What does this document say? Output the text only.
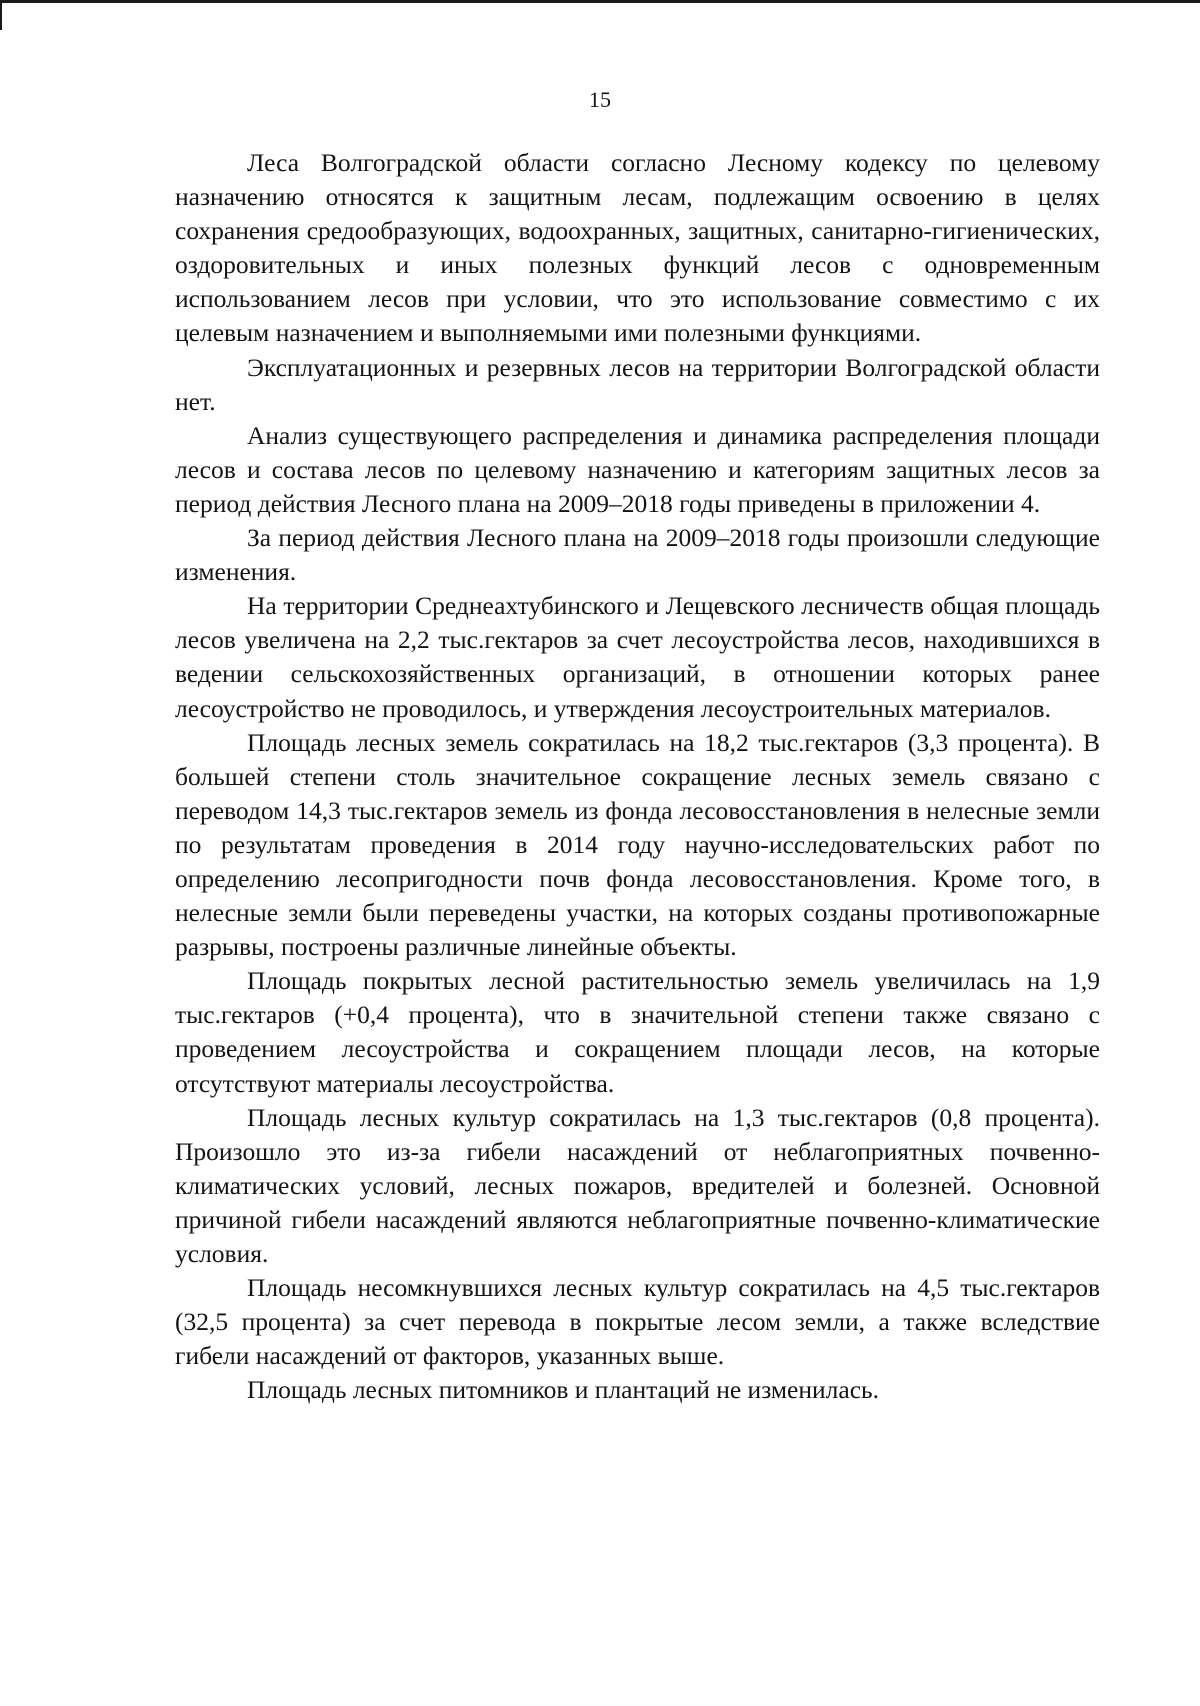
15

Леса Волгоградской области согласно Лесному кодексу по целевому назначению относятся к защитным лесам, подлежащим освоению в целях сохранения средообразующих, водоохранных, защитных, санитарно-гигиенических, оздоровительных и иных полезных функций лесов с одновременным использованием лесов при условии, что это использование совместимо с их целевым назначением и выполняемыми ими полезными функциями.

Эксплуатационных и резервных лесов на территории Волгоградской области нет.

Анализ существующего распределения и динамика распределения площади лесов и состава лесов по целевому назначению и категориям защитных лесов за период действия Лесного плана на 2009–2018 годы приведены в приложении 4.

За период действия Лесного плана на 2009–2018 годы произошли следующие изменения.

На территории Среднеахтубинского и Лещевского лесничеств общая площадь лесов увеличена на 2,2 тыс.гектаров за счет лесоустройства лесов, находившихся в ведении сельскохозяйственных организаций, в отношении которых ранее лесоустройство не проводилось, и утверждения лесоустроительных материалов.

Площадь лесных земель сократилась на 18,2 тыс.гектаров (3,3 процента). В большей степени столь значительное сокращение лесных земель связано с переводом 14,3 тыс.гектаров земель из фонда лесовосстановления в нелесные земли по результатам проведения в 2014 году научно-исследовательских работ по определению лесопригодности почв фонда лесовосстановления. Кроме того, в нелесные земли были переведены участки, на которых созданы противопожарные разрывы, построены различные линейные объекты.

Площадь покрытых лесной растительностью земель увеличилась на 1,9 тыс.гектаров (+0,4 процента), что в значительной степени также связано с проведением лесоустройства и сокращением площади лесов, на которые отсутствуют материалы лесоустройства.

Площадь лесных культур сократилась на 1,3 тыс.гектаров (0,8 процента). Произошло это из-за гибели насаждений от неблагоприятных почвенно-климатических условий, лесных пожаров, вредителей и болезней. Основной причиной гибели насаждений являются неблагоприятные почвенно-климатические условия.

Площадь несомкнувшихся лесных культур сократилась на 4,5 тыс.гектаров (32,5 процента) за счет перевода в покрытые лесом земли, а также вследствие гибели насаждений от факторов, указанных выше.

Площадь лесных питомников и плантаций не изменилась.
